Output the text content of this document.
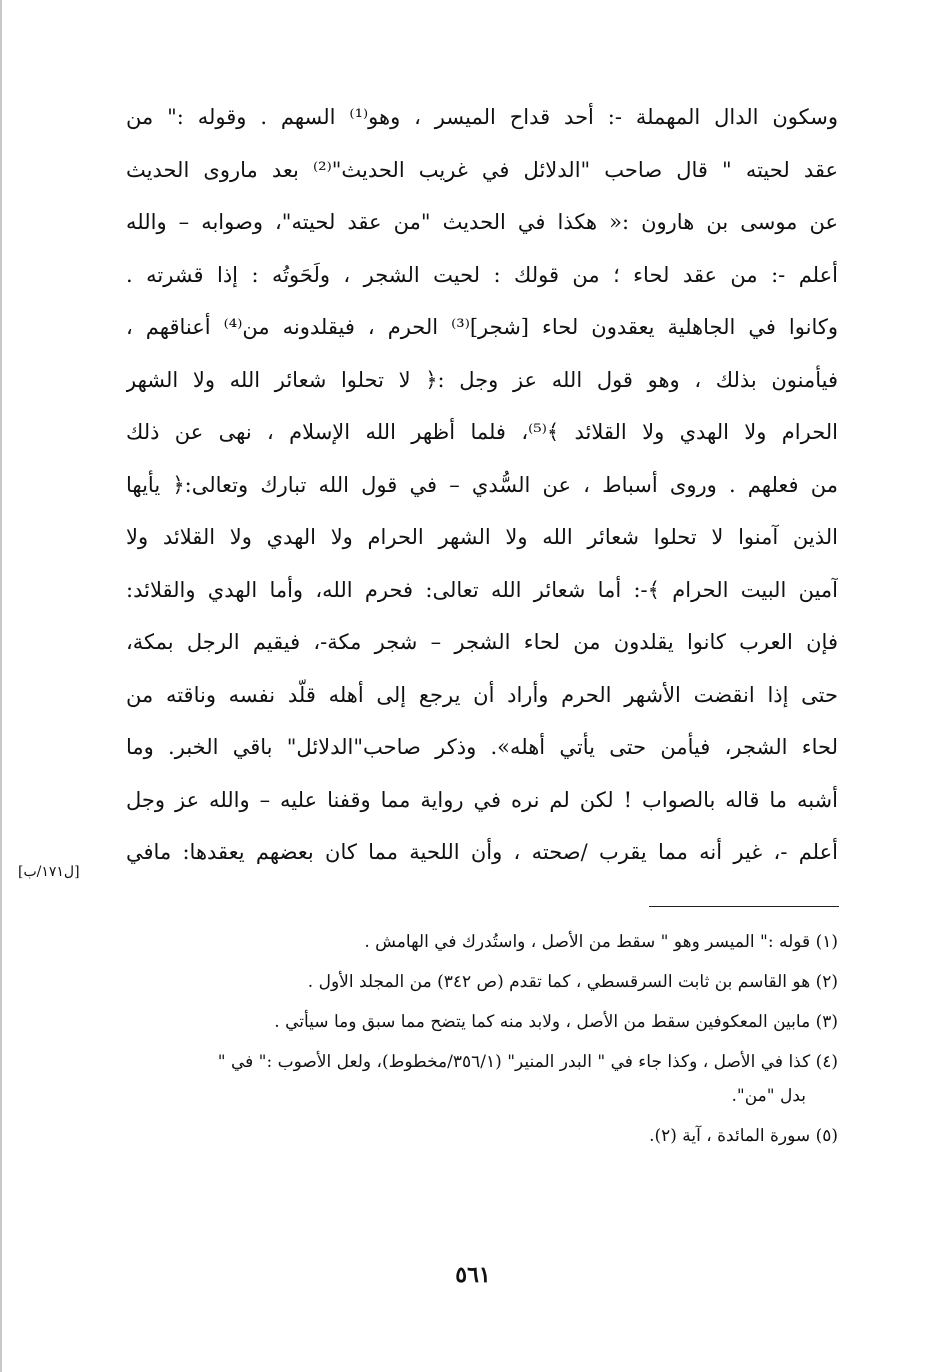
وسكون الدال المهملة -: أحد قداح الميسر ، وهو⁽¹⁾ السهم . وقوله :" من
عقد لحيته " قال صاحب "الدلائل في غريب الحديث"⁽²⁾ بعد ماروى الحديث
عن موسى بن هارون :« هكذا في الحديث "من عقد لحيته"، وصوابه – والله
أعلم -: من عقد لحاء ؛ من قولك : لحيت الشجر ، ولَحَوتُه : إذا قشرته .
وكانوا في الجاهلية يعقدون لحاء [شجر]⁽³⁾ الحرم ، فيقلدونه من⁽⁴⁾ أعناقهم ،
فيأمنون بذلك ، وهو قول الله عز وجل :﴿ لا تحلوا شعائر الله ولا الشهر
الحرام ولا الهدي ولا القلائد ﴾⁽⁵⁾، فلما أظهر الله الإسلام ، نهى عن ذلك
من فعلهم . وروى أسباط ، عن السُّدي – في قول الله تبارك وتعالى:﴿ يأيها
الذين آمنوا لا تحلوا شعائر الله ولا الشهر الحرام ولا الهدي ولا القلائد ولا
آمين البيت الحرام ﴾-: أما شعائر الله تعالى: فحرم الله، وأما الهدي والقلائد:
فإن العرب كانوا يقلدون من لحاء الشجر – شجر مكة-، فيقيم الرجل بمكة،
حتى إذا انقضت الأشهر الحرم وأراد أن يرجع إلى أهله قلّد نفسه وناقته من
لحاء الشجر، فيأمن حتى يأتي أهله». وذكر صاحب"الدلائل" باقي الخبر. وما
أشبه ما قاله بالصواب ! لكن لم نره في رواية مما وقفنا عليه – والله عز وجل
أعلم -، غير أنه مما يقرب /صحته ، وأن اللحية مما كان بعضهم يعقدها: مافي
[ل١٧١/ب]
(١) قوله :" الميسر وهو " سقط من الأصل ، واستُدرك في الهامش .
(٢) هو القاسم بن ثابت السرقسطي ، كما تقدم (ص ٣٤٢) من المجلد الأول .
(٣) مابين المعكوفين سقط من الأصل ، ولابد منه كما يتضح مما سبق وما سيأتي .
(٤) كذا في الأصل ، وكذا جاء في " البدر المنير" (٣٥٦/١/مخطوط)، ولعل الأصوب :" في "
بدل "من".
(٥) سورة المائدة ، آية (٢).
٥٦١
